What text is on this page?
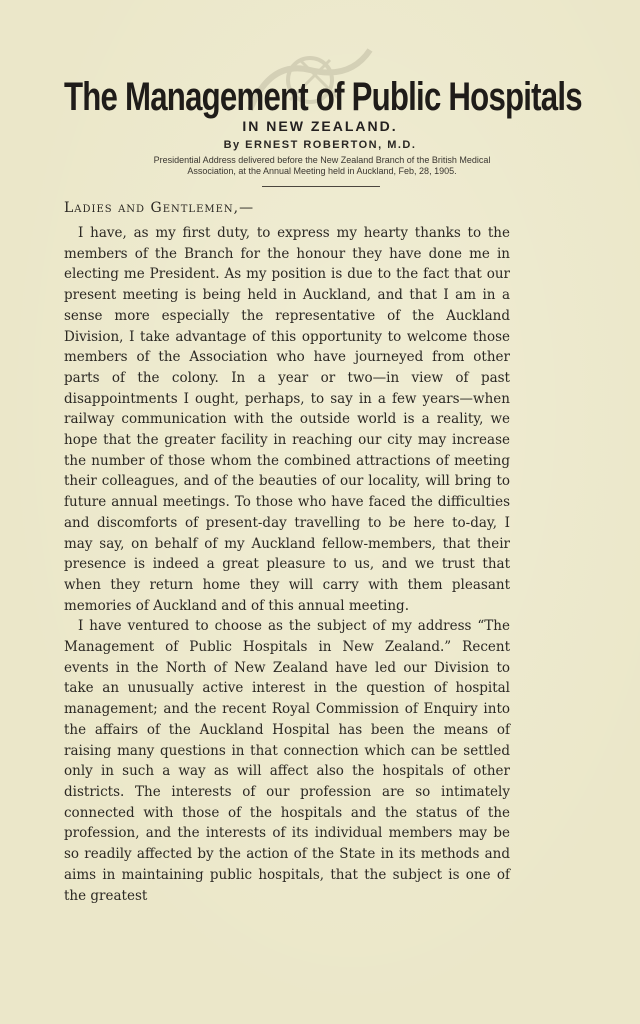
The Management of Public Hospitals
IN NEW ZEALAND.
By ERNEST ROBERTON, M.D.
Presidential Address delivered before the New Zealand Branch of the British Medical
Association, at the Annual Meeting held in Auckland, Feb, 28, 1905.
Ladies and Gentlemen,—

I have, as my first duty, to express my hearty thanks to the members of the Branch for the honour they have done me in electing me President. As my position is due to the fact that our present meeting is being held in Auckland, and that I am in a sense more especially the representative of the Auckland Division, I take advantage of this opportunity to welcome those members of the Association who have journeyed from other parts of the colony. In a year or two—in view of past disappointments I ought, perhaps, to say in a few years—when railway communication with the outside world is a reality, we hope that the greater facility in reaching our city may increase the number of those whom the combined attractions of meeting their colleagues, and of the beauties of our locality, will bring to future annual meetings. To those who have faced the difficulties and discomforts of present-day travelling to be here to-day, I may say, on behalf of my Auckland fellow-members, that their presence is indeed a great pleasure to us, and we trust that when they return home they will carry with them pleasant memories of Auckland and of this annual meeting.

I have ventured to choose as the subject of my address “The Management of Public Hospitals in New Zealand.” Recent events in the North of New Zealand have led our Division to take an unusually active interest in the question of hospital management; and the recent Royal Commission of Enquiry into the affairs of the Auckland Hospital has been the means of raising many questions in that connection which can be settled only in such a way as will affect also the hospitals of other districts. The interests of our profession are so intimately connected with those of the hospitals and the status of the profession, and the interests of its individual members may be so readily affected by the action of the State in its methods and aims in maintaining public hospitals, that the subject is one of the greatest
